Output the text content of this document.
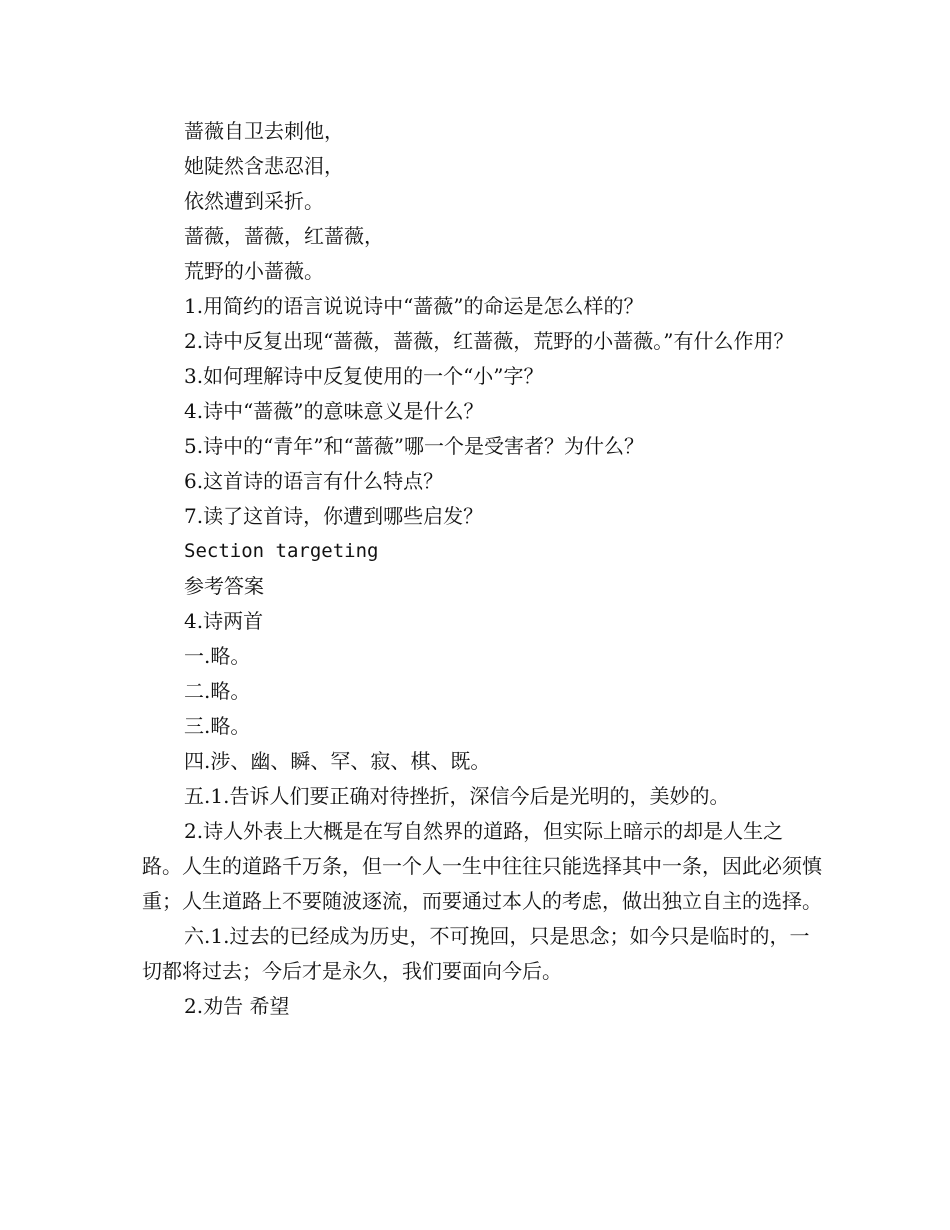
蔷薇自卫去刺他，

她陡然含悲忍泪，

依然遭到采折。

蔷薇，蔷薇，红蔷薇，

荒野的小蔷薇。

1.用简约的语言说说诗中“蔷薇”的命运是怎么样的？

2.诗中反复出现“蔷薇，蔷薇，红蔷薇，荒野的小蔷薇。”有什么作用？

3.如何理解诗中反复使用的一个“小”字？

4.诗中“蔷薇”的意味意义是什么？

5.诗中的“青年”和“蔷薇”哪一个是受害者？为什么？

6.这首诗的语言有什么特点？

7.读了这首诗，你遭到哪些启发？

Section targeting

参考答案

4.诗两首

一.略。

二.略。

三.略。

四.涉、幽、瞬、罕、寂、棋、既。

五.1.告诉人们要正确对待挫折，深信今后是光明的，美妙的。

2.诗人外表上大概是在写自然界的道路，但实际上暗示的却是人生之路。人生的道路千万条，但一个人一生中往往只能选择其中一条，因此必须慎重；人生道路上不要随波逐流，而要通过本人的考虑，做出独立自主的选择。

六.1.过去的已经成为历史，不可挽回，只是思念；如今只是临时的，一切都将过去；今后才是永久，我们要面向今后。

2.劝告 希望
